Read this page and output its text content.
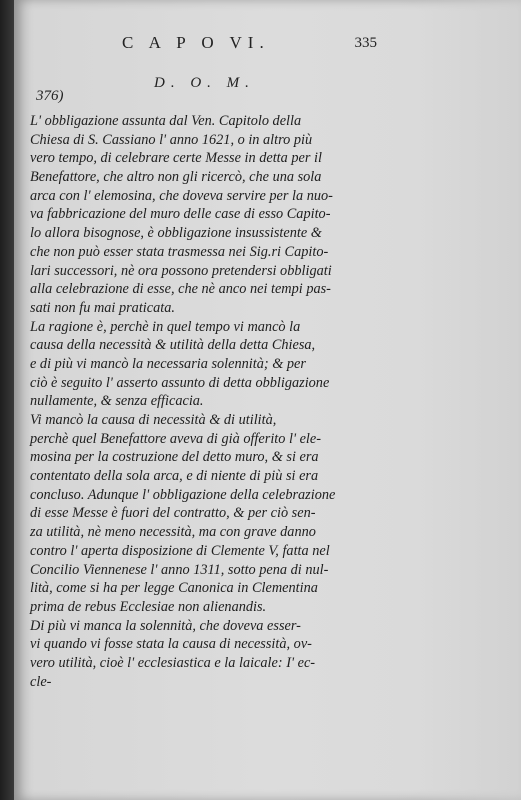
C A P O VI.	335
D. O. M.
376)
L' obbligazione assunta dal Ven. Capitolo della
Chiesa di S. Cassiano l' anno 1621, o in altro più
vero tempo, di celebrare certe Messe in detta per il
Benefattore, che altro non gli ricercò, che una sola
arca con l' elemosina, che doveva servire per la nuo-
va fabbricazione del muro delle case di esso Capito-
lo allora bisognose, è obbligazione insussistente &
che non può esser stata trasmessa nei Sig.ri Capito-
lari successori, nè ora possono pretendersi obbligati
alla celebrazione di esse, che nè anco nei tempi pas-
sati non fu mai praticata.
La ragione è, perchè in quel tempo vi mancò la
causa della necessità & utilità della detta Chiesa,
e di più vi mancò la necessaria solennità; & per
ciò è seguito l' asserto assunto di detta obbligazione
nullamente, & senza efficacia.
Vi mancò la causa di necessità & di utilità,
perchè quel Benefattore aveva di già offerito l' ele-
mosina per la costruzione del detto muro, & si era
contentato della sola arca, e di niente di più si era
concluso. Adunque l' obbligazione della celebrazione
di esse Messe è fuori del contratto, & per ciò sen-
za utilità, nè meno necessità, ma con grave danno
contro l' aperta disposizione di Clemente V, fatta nel
Concilio Viennenese l' anno 1311, sotto pena di nul-
lità, come si ha per legge Canonica in Clementina
prima de rebus Ecclesiae non alienandis.
Di più vi manca la solennità, che doveva esser-
vi quando vi fosse stata la causa di necessità, ov-
vero utilità, cioè l' ecclesiastica e la laicale: I' ec-
cle-
